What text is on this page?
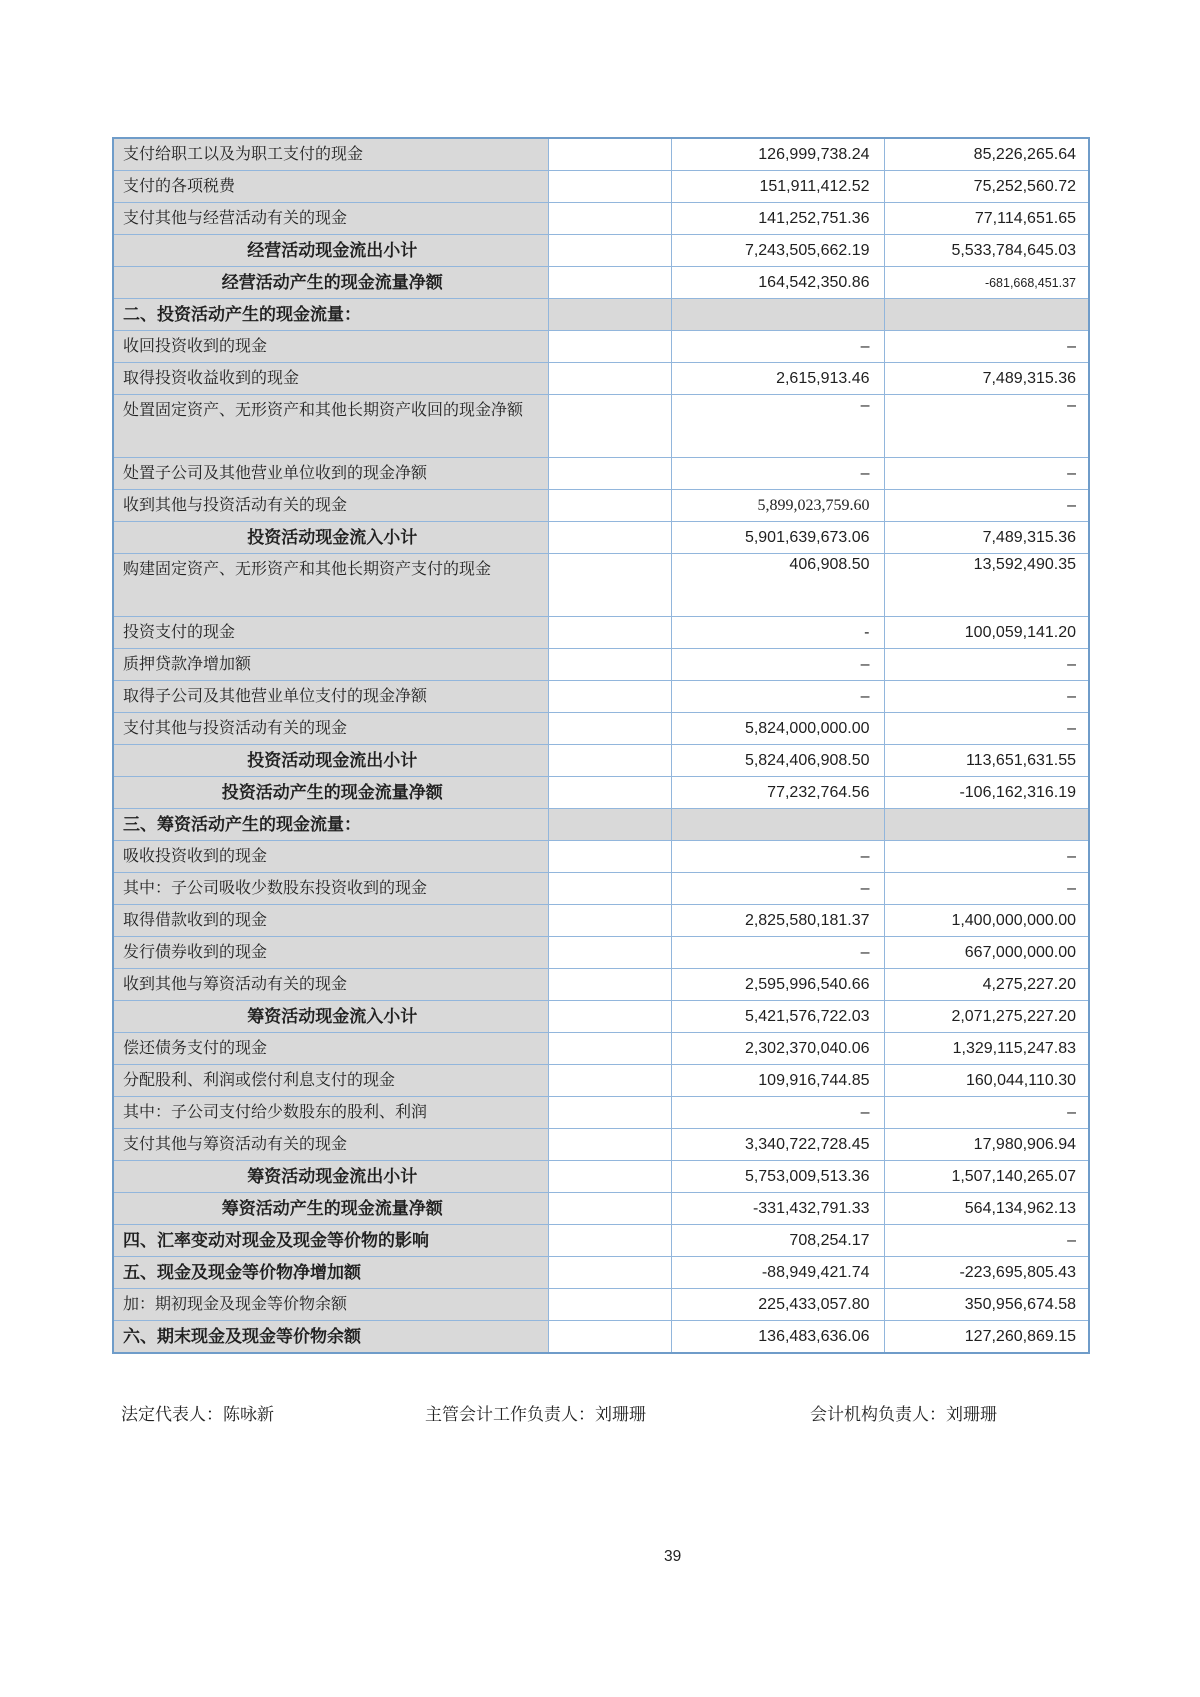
支付给职工以及为职工支付的现金		126,999,738.24	85,226,265.64
支付的各项税费		151,911,412.52	75,252,560.72
支付其他与经营活动有关的现金		141,252,751.36	77,114,651.65
经营活动现金流出小计		7,243,505,662.19	5,533,784,645.03
经营活动产生的现金流量净额		164,542,350.86	-681,668,451.37
二、投资活动产生的现金流量：			
收回投资收到的现金		–	–
取得投资收益收到的现金		2,615,913.46	7,489,315.36
处置固定资产、无形资产和其他长期资产收回的现金净额		–	–
处置子公司及其他营业单位收到的现金净额		–	–
收到其他与投资活动有关的现金		5,899,023,759.60	–
投资活动现金流入小计		5,901,639,673.06	7,489,315.36
购建固定资产、无形资产和其他长期资产支付的现金		406,908.50	13,592,490.35
投资支付的现金		-	100,059,141.20
质押贷款净增加额		–	–
取得子公司及其他营业单位支付的现金净额		–	–
支付其他与投资活动有关的现金		5,824,000,000.00	–
投资活动现金流出小计		5,824,406,908.50	113,651,631.55
投资活动产生的现金流量净额		77,232,764.56	-106,162,316.19
三、筹资活动产生的现金流量：			
吸收投资收到的现金		–	–
其中：子公司吸收少数股东投资收到的现金		–	–
取得借款收到的现金		2,825,580,181.37	1,400,000,000.00
发行债券收到的现金		–	667,000,000.00
收到其他与筹资活动有关的现金		2,595,996,540.66	4,275,227.20
筹资活动现金流入小计		5,421,576,722.03	2,071,275,227.20
偿还债务支付的现金		2,302,370,040.06	1,329,115,247.83
分配股利、利润或偿付利息支付的现金		109,916,744.85	160,044,110.30
其中：子公司支付给少数股东的股利、利润		–	–
支付其他与筹资活动有关的现金		3,340,722,728.45	17,980,906.94
筹资活动现金流出小计		5,753,009,513.36	1,507,140,265.07
筹资活动产生的现金流量净额		-331,432,791.33	564,134,962.13
四、汇率变动对现金及现金等价物的影响		708,254.17	–
五、现金及现金等价物净增加额		-88,949,421.74	-223,695,805.43
加：期初现金及现金等价物余额		225,433,057.80	350,956,674.58
六、期末现金及现金等价物余额		136,483,636.06	127,260,869.15
法定代表人：陈咏新	主管会计工作负责人：刘珊珊	会计机构负责人：刘珊珊
39
